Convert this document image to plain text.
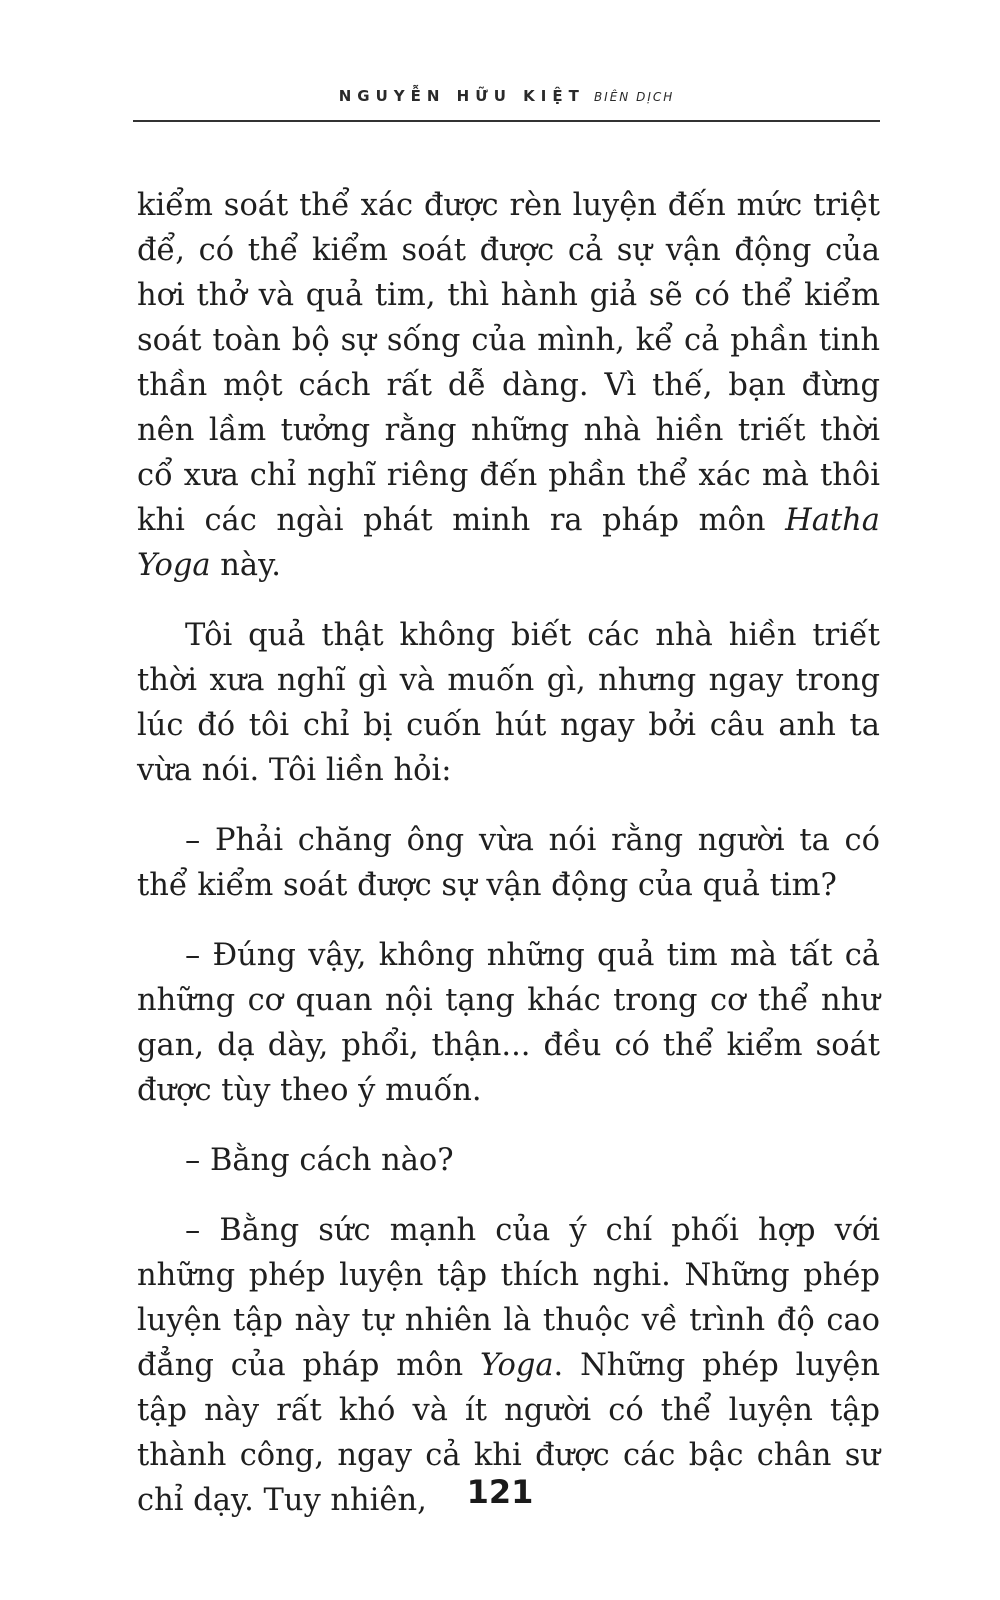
NGUYỄN HỮU KIỆT BIÊN DỊCH

kiểm soát thể xác được rèn luyện đến mức triệt để, có thể kiểm soát được cả sự vận động của hơi thở và quả tim, thì hành giả sẽ có thể kiểm soát toàn bộ sự sống của mình, kể cả phần tinh thần một cách rất dễ dàng. Vì thế, bạn đừng nên lầm tưởng rằng những nhà hiền triết thời cổ xưa chỉ nghĩ riêng đến phần thể xác mà thôi khi các ngài phát minh ra pháp môn Hatha Yoga này.

Tôi quả thật không biết các nhà hiền triết thời xưa nghĩ gì và muốn gì, nhưng ngay trong lúc đó tôi chỉ bị cuốn hút ngay bởi câu anh ta vừa nói. Tôi liền hỏi:

– Phải chăng ông vừa nói rằng người ta có thể kiểm soát được sự vận động của quả tim?

– Đúng vậy, không những quả tim mà tất cả những cơ quan nội tạng khác trong cơ thể như gan, dạ dày, phổi, thận... đều có thể kiểm soát được tùy theo ý muốn.

– Bằng cách nào?

– Bằng sức mạnh của ý chí phối hợp với những phép luyện tập thích nghi. Những phép luyện tập này tự nhiên là thuộc về trình độ cao đẳng của pháp môn Yoga. Những phép luyện tập này rất khó và ít người có thể luyện tập thành công, ngay cả khi được các bậc chân sư chỉ dạy. Tuy nhiên,	121
